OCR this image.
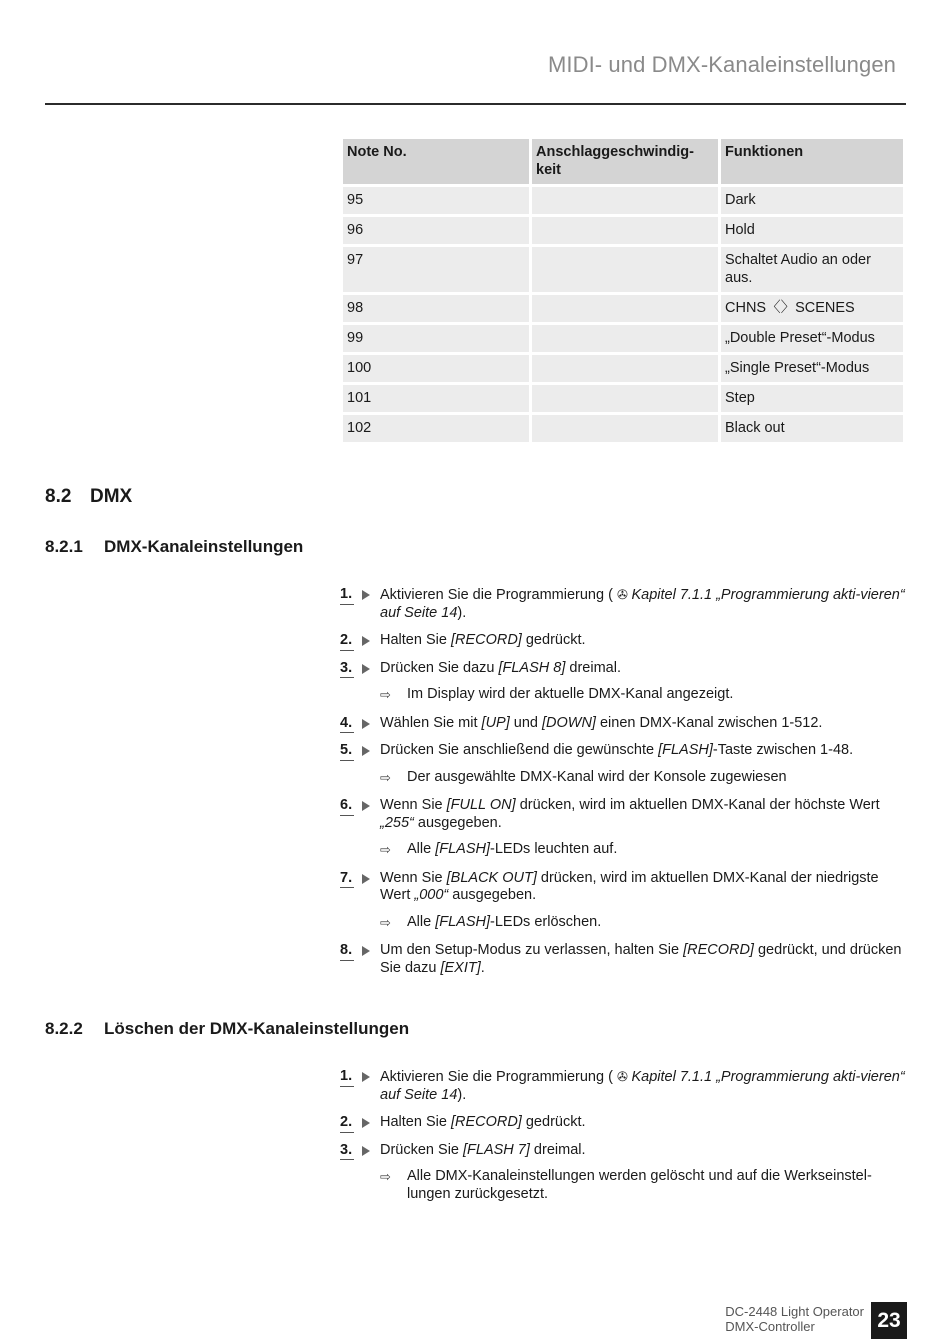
MIDI- und DMX-Kanaleinstellungen
Note No.	Anschlaggeschwindig-keit	Funktionen
95		Dark
96		Hold
97		Schaltet Audio an oder aus.
98		CHNS〈〉SCENES
99		„Double Preset“-Modus
100		„Single Preset“-Modus
101		Step
102		Black out
8.2 DMX
8.2.1 DMX-Kanaleinstellungen
1.	Aktivieren Sie die Programmierung ( ✇ Kapitel 7.1.1 „Programmierung akti-vieren“ auf Seite 14).
2.	Halten Sie [RECORD] gedrückt.
3.	Drücken Sie dazu [FLASH 8] dreimal.
⇨ Im Display wird der aktuelle DMX-Kanal angezeigt.
4.	Wählen Sie mit [UP] und [DOWN] einen DMX-Kanal zwischen 1-512.
5.	Drücken Sie anschließend die gewünschte [FLASH]-Taste zwischen 1-48.
⇨ Der ausgewählte DMX-Kanal wird der Konsole zugewiesen
6.	Wenn Sie [FULL ON] drücken, wird im aktuellen DMX-Kanal der höchste Wert „255“ ausgegeben.
⇨ Alle [FLASH]-LEDs leuchten auf.
7.	Wenn Sie [BLACK OUT] drücken, wird im aktuellen DMX-Kanal der niedrigste Wert „000“ ausgegeben.
⇨ Alle [FLASH]-LEDs erlöschen.
8.	Um den Setup-Modus zu verlassen, halten Sie [RECORD] gedrückt, und drücken Sie dazu [EXIT].
8.2.2 Löschen der DMX-Kanaleinstellungen
1.	Aktivieren Sie die Programmierung ( ✇ Kapitel 7.1.1 „Programmierung akti-vieren“ auf Seite 14).
2.	Halten Sie [RECORD] gedrückt.
3.	Drücken Sie [FLASH 7] dreimal.
⇨ Alle DMX-Kanaleinstellungen werden gelöscht und auf die Werkseinstel-lungen zurückgesetzt.
DC-2448 Light Operator
DMX-Controller	23
